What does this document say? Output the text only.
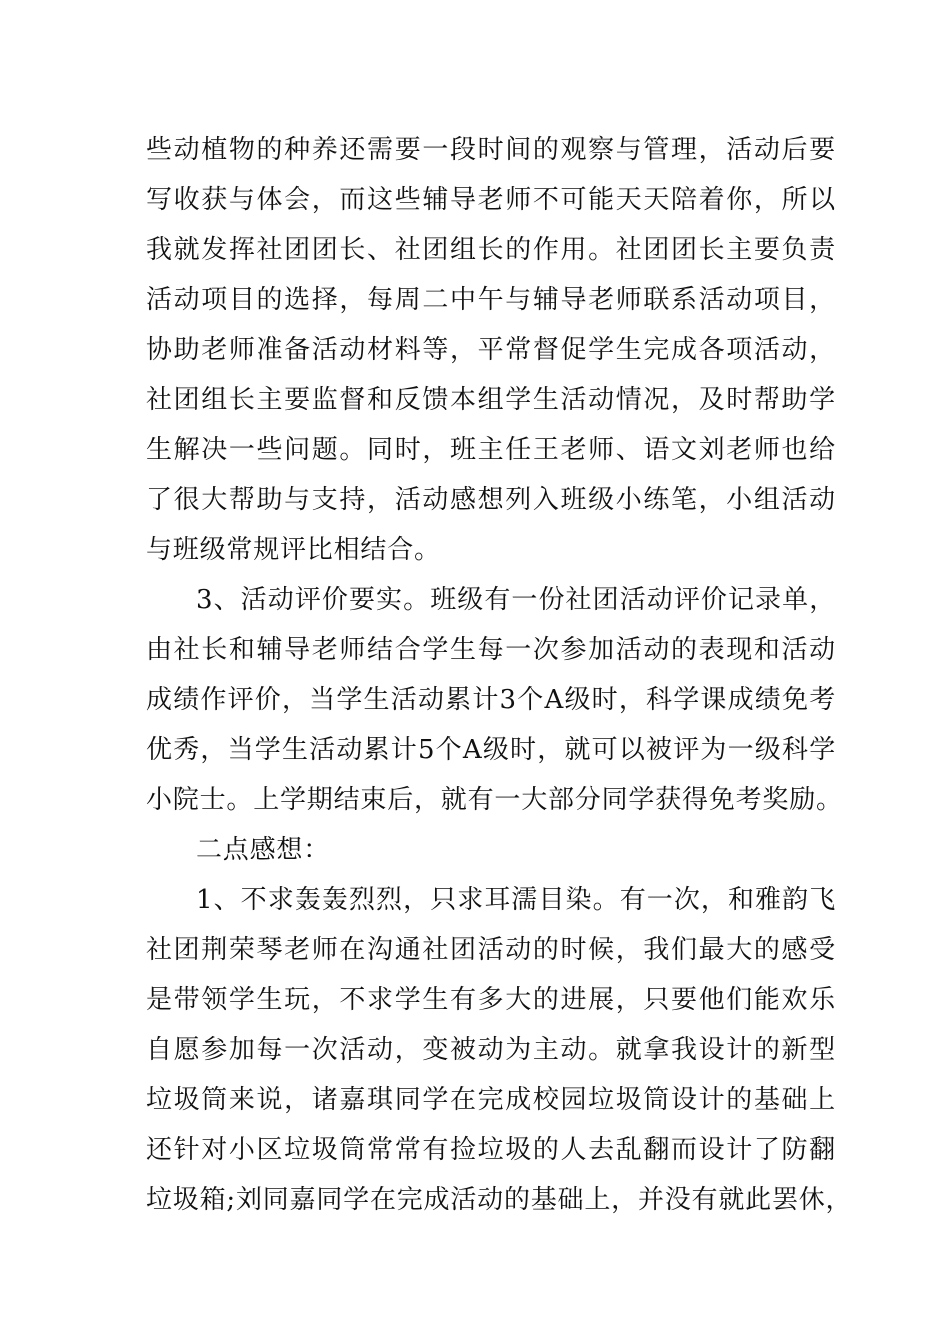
些动植物的种养还需要一段时间的观察与管理，活动后要
写收获与体会，而这些辅导老师不可能天天陪着你，所以
我就发挥社团团长、社团组长的作用。社团团长主要负责
活动项目的选择，每周二中午与辅导老师联系活动项目，
协助老师准备活动材料等，平常督促学生完成各项活动，
社团组长主要监督和反馈本组学生活动情况，及时帮助学
生解决一些问题。同时，班主任王老师、语文刘老师也给
了很大帮助与支持，活动感想列入班级小练笔，小组活动
与班级常规评比相结合。
3、活动评价要实。班级有一份社团活动评价记录单，
由社长和辅导老师结合学生每一次参加活动的表现和活动
成绩作评价，当学生活动累计3个A级时，科学课成绩免考
优秀，当学生活动累计5个A级时，就可以被评为一级科学
小院士。上学期结束后，就有一大部分同学获得免考奖励。
二点感想：
1、不求轰轰烈烈，只求耳濡目染。有一次，和雅韵飞
社团荆荣琴老师在沟通社团活动的时候，我们最大的感受
是带领学生玩，不求学生有多大的进展，只要他们能欢乐
自愿参加每一次活动，变被动为主动。就拿我设计的新型
垃圾筒来说，诸嘉琪同学在完成校园垃圾筒设计的基础上
还针对小区垃圾筒常常有捡垃圾的人去乱翻而设计了防翻
垃圾箱;刘同嘉同学在完成活动的基础上，并没有就此罢休，
